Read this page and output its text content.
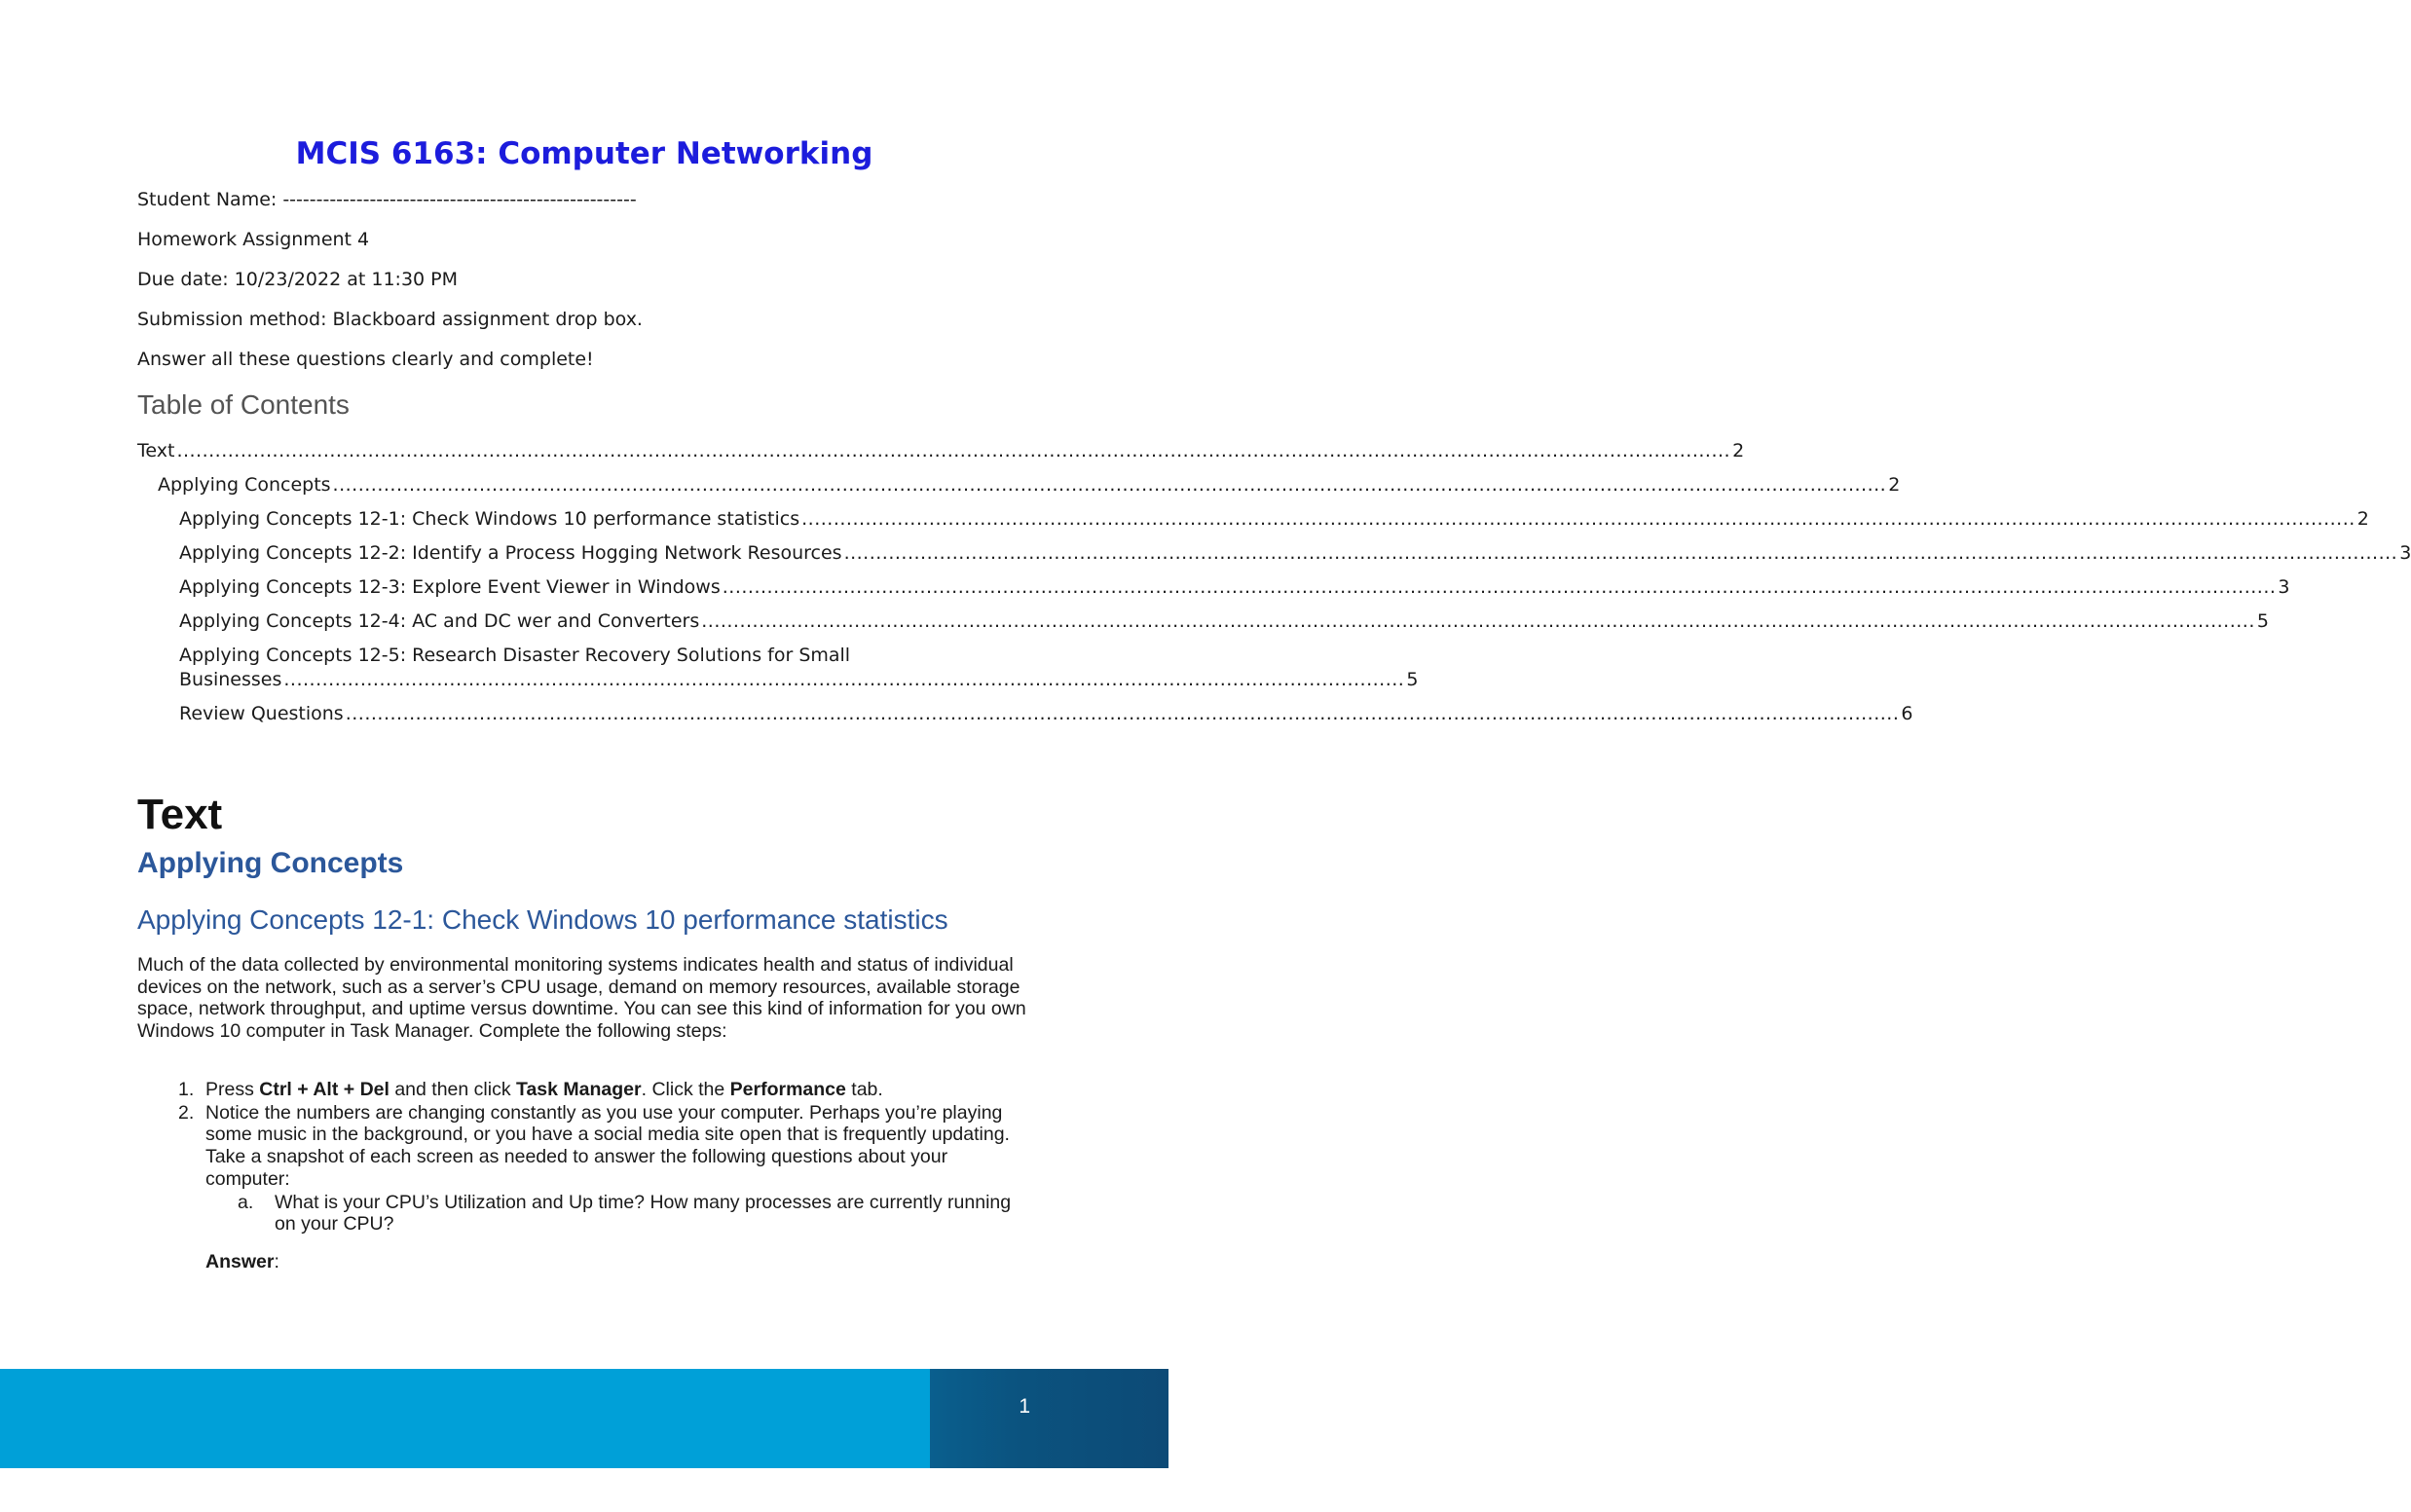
MCIS 6163: Computer Networking
Student Name: -----------------------------------------------------
Homework Assignment 4
Due date: 10/23/2022 at 11:30 PM
Submission method: Blackboard assignment drop box.
Answer all these questions clearly and complete!
Table of Contents
Text .....	2
Applying Concepts .....	2
Applying Concepts 12-1: Check Windows 10 performance statistics .....	2
Applying Concepts 12-2: Identify a Process Hogging Network Resources .....	3
Applying Concepts 12-3: Explore Event Viewer in Windows .....	3
Applying Concepts 12-4: AC and DC wer and Converters .....	5
Applying Concepts 12-5: Research Disaster Recovery Solutions for Small
Businesses ................................................................................................................................................................................ 5
Review Questions .....	6
Text
Applying Concepts
Applying Concepts 12-1: Check Windows 10 performance statistics
Much of the data collected by environmental monitoring systems indicates health and status of individual devices on the network, such as a server’s CPU usage, demand on memory resources, available storage space, network throughput, and uptime versus downtime. You can see this kind of information for you own Windows 10 computer in Task Manager. Complete the following steps:
1. Press Ctrl + Alt + Del and then click Task Manager. Click the Performance tab.
2. Notice the numbers are changing constantly as you use your computer. Perhaps you’re playing some music in the background, or you have a social media site open that is frequently updating. Take a snapshot of each screen as needed to answer the following questions about your computer:
a. What is your CPU’s Utilization and Up time? How many processes are currently running on your CPU?
Answer:
1
